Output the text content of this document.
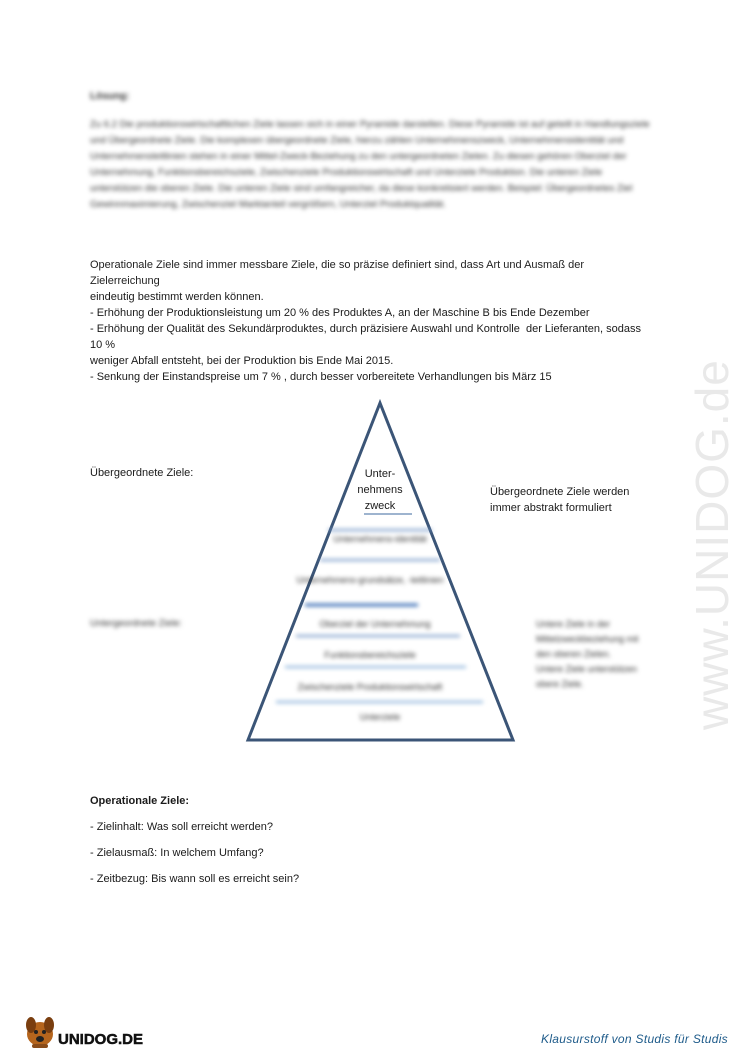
Lösung:
Zu 6.2 Die produktionswirtschaftlichen Ziele lassen sich in einer Pyramide darstellen. Diese Pyramide ist auf geteilt in Handlungsziele und Übergeordnete Ziele. Die komplexen übergeordnete Ziele, hierzu zählen Unternehmenszweck, Unternehmensidentität und Unternehmensleitlinien stehen in einer Mittel-Zweck-Beziehung zu den untergeordneten Zielen. Zu diesen gehören Oberziel der Unternehmung, Funktionsbereichsziele, Zwischenziele Produktionswirtschaft und Unterziele Produktion. Die unteren Ziele unterstützen die oberen Ziele. Die unteren Ziele sind umfangreicher, da diese konkretisiert werden. Beispiel: Übergeordnetes Ziel Gewinnmaximierung, Zwischenziel Marktanteil vergrößern, Unterziel Produktqualität.
Operationale Ziele sind immer messbare Ziele, die so präzise definiert sind, dass Art und Ausmaß der Zielerreichung
eindeutig bestimmt werden können.
- Erhöhung der Produktionsleistung um 20 % des Produktes A, an der Maschine B bis Ende Dezember
- Erhöhung der Qualität des Sekundärproduktes, durch präzisiere Auswahl und Kontrolle  der Lieferanten, sodass 10 %
weniger Abfall entsteht, bei der Produktion bis Ende Mai 2015.
- Senkung der Einstandspreise um 7 % , durch besser vorbereitete Verhandlungen bis März 15
Unter-
nehmens
zweck
Übergeordnete Ziele:
Übergeordnete Ziele werden
immer abstrakt formuliert
Untergeordnete Ziele:	Untere Ziele in der
Mittelzweckbeziehung mit
den oberen Zielen.
Untere Ziele unterstützen
obere Ziele.
Unternehmens-identität
Unternehmens-grundsätze, -leitlinien
Oberziel der Unternehmung
Funktionsbereichsziele
Zwischenziele Produktionswirtschaft
Unterziele
Operationale Ziele:
- Zielinhalt: Was soll erreicht werden?
- Zielausmaß: In welchem Umfang?
- Zeitbezug: Bis wann soll es erreicht sein?
www.UNIDOG.de
UNIDOG.DE	Klausurstoff von Studis für Studis
